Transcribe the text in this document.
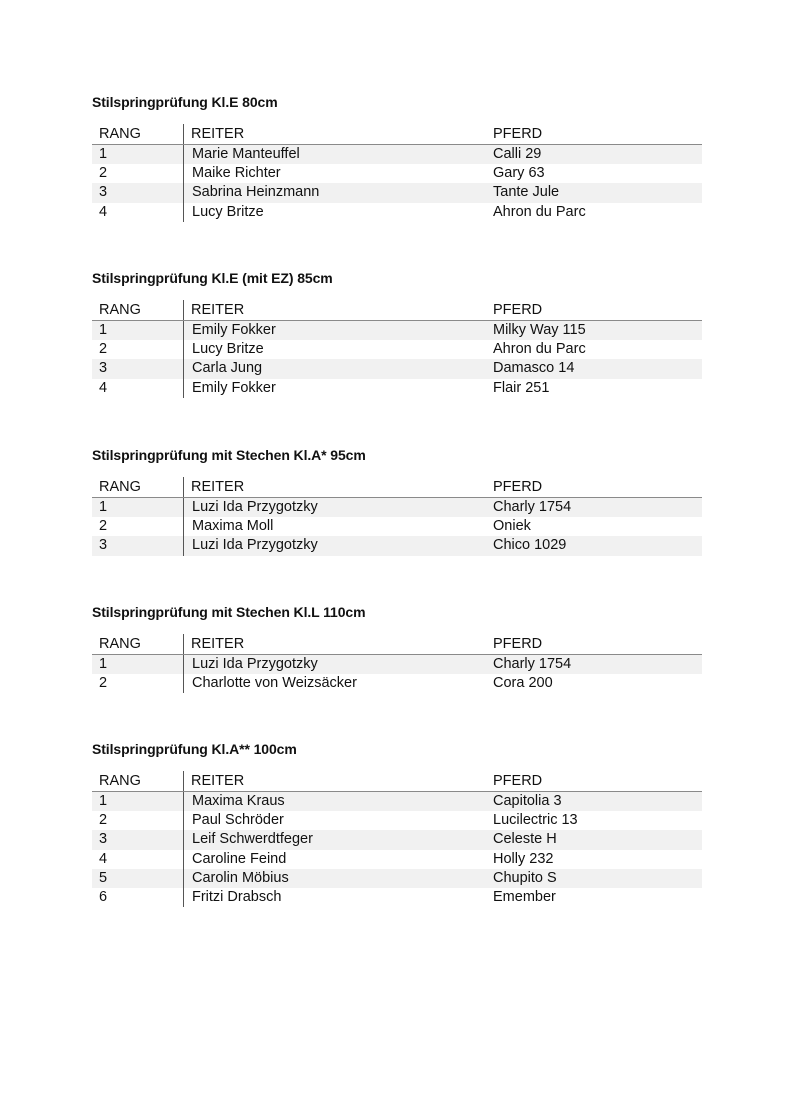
Stilspringprüfung Kl.E 80cm
RANG	REITER	PFERD
1	Marie Manteuffel	Calli 29
2	Maike Richter	Gary 63
3	Sabrina Heinzmann	Tante Jule
4	Lucy Britze	Ahron du Parc
Stilspringprüfung Kl.E (mit EZ) 85cm
RANG	REITER	PFERD
1	Emily Fokker	Milky Way 115
2	Lucy Britze	Ahron du Parc
3	Carla Jung	Damasco 14
4	Emily Fokker	Flair 251
Stilspringprüfung mit Stechen Kl.A* 95cm
RANG	REITER	PFERD
1	Luzi Ida Przygotzky	Charly 1754
2	Maxima Moll	Oniek
3	Luzi Ida Przygotzky	Chico 1029
Stilspringprüfung mit Stechen Kl.L 110cm
RANG	REITER	PFERD
1	Luzi Ida Przygotzky	Charly 1754
2	Charlotte von Weizsäcker	Cora 200
Stilspringprüfung Kl.A** 100cm
RANG	REITER	PFERD
1	Maxima Kraus	Capitolia 3
2	Paul Schröder	Lucilectric 13
3	Leif Schwerdtfeger	Celeste H
4	Caroline Feind	Holly 232
5	Carolin Möbius	Chupito S
6	Fritzi Drabsch	Emember
